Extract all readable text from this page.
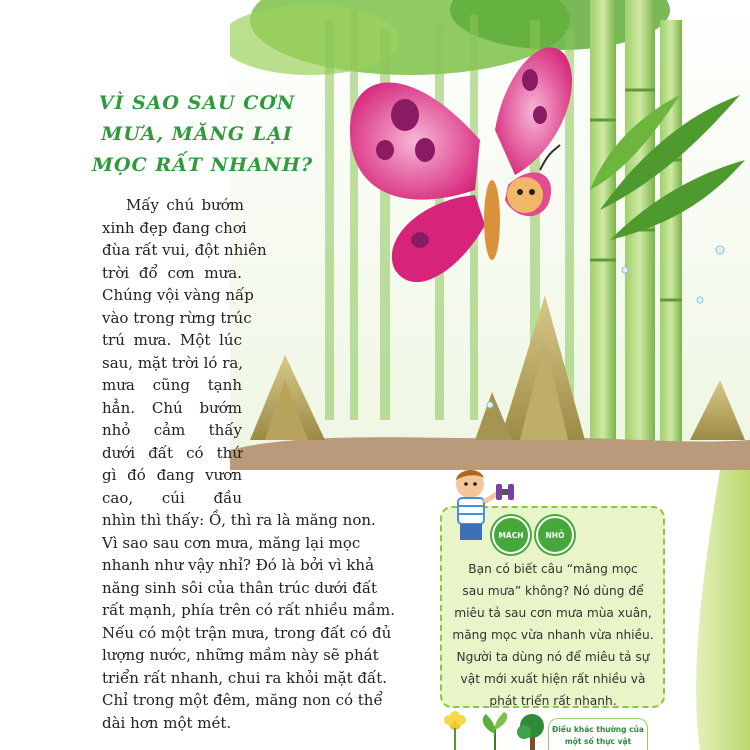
VÌ SAO SAU CƠN
MƯA, MĂNG LẠI
MỌC RẤT NHANH?
Mấy chú bướm
xinh đẹp đang chơi
đùa rất vui, đột nhiên
trời đổ cơn mưa.
Chúng vội vàng nấp
vào trong rừng trúc
trú mưa. Một lúc
sau, mặt trời ló ra,
mưa cũng tạnh
hẳn. Chú bướm
nhỏ cảm thấy
dưới đất có thứ
gì đó đang vươn
cao, cúi đầu
nhìn thì thấy: Ồ, thì ra là măng non.
Vì sao sau cơn mưa, măng lại mọc
nhanh như vậy nhỉ? Đó là bởi vì khả
năng sinh sôi của thân trúc dưới đất
rất mạnh, phía trên có rất nhiều mầm.
Nếu có một trận mưa, trong đất có đủ
lượng nước, những mầm này sẽ phát
triển rất nhanh, chui ra khỏi mặt đất.
Chỉ trong một đêm, măng non có thể
dài hơn một mét.
MÁCH	NHỎ
Bạn có biết câu “măng mọc
sau mưa” không? Nó dùng để
miêu tả sau cơn mưa mùa xuân,
măng mọc vừa nhanh vừa nhiều.
Người ta dùng nó để miêu tả sự
vật mới xuất hiện rất nhiều và
phát triển rất nhanh.
Điều khác thường của
một số thực vật
